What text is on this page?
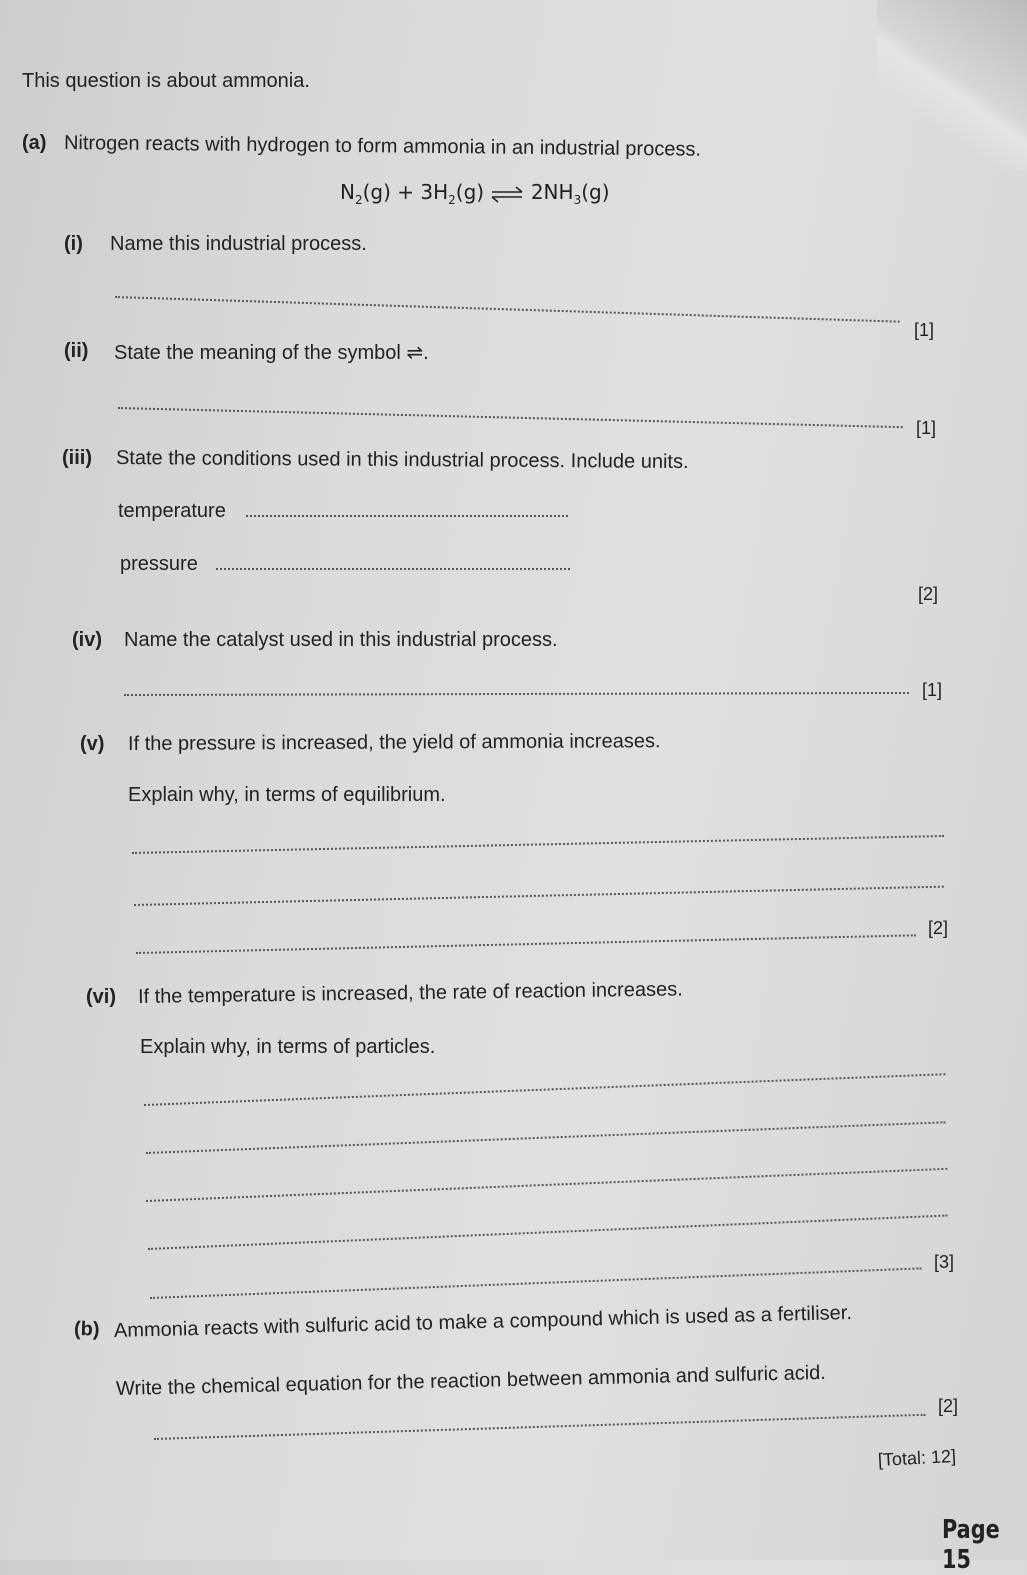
This question is about ammonia.
(a) Nitrogen reacts with hydrogen to form ammonia in an industrial process.
$N_2(g) + 3H_2(g)$ ⇌ $2NH_3(g)$
(i) Name this industrial process.
[1]
(ii) State the meaning of the symbol ⇌.
[1]
(iii) State the conditions used in this industrial process. Include units.
temperature
pressure
[2]
(iv) Name the catalyst used in this industrial process.
[1]
(v) If the pressure is increased, the yield of ammonia increases.
Explain why, in terms of equilibrium.
[2]
(vi) If the temperature is increased, the rate of reaction increases.
Explain why, in terms of particles.
[3]
(b) Ammonia reacts with sulfuric acid to make a compound which is used as a fertiliser.
Write the chemical equation for the reaction between ammonia and sulfuric acid.
[2]
[Total: 12]
Page 15
